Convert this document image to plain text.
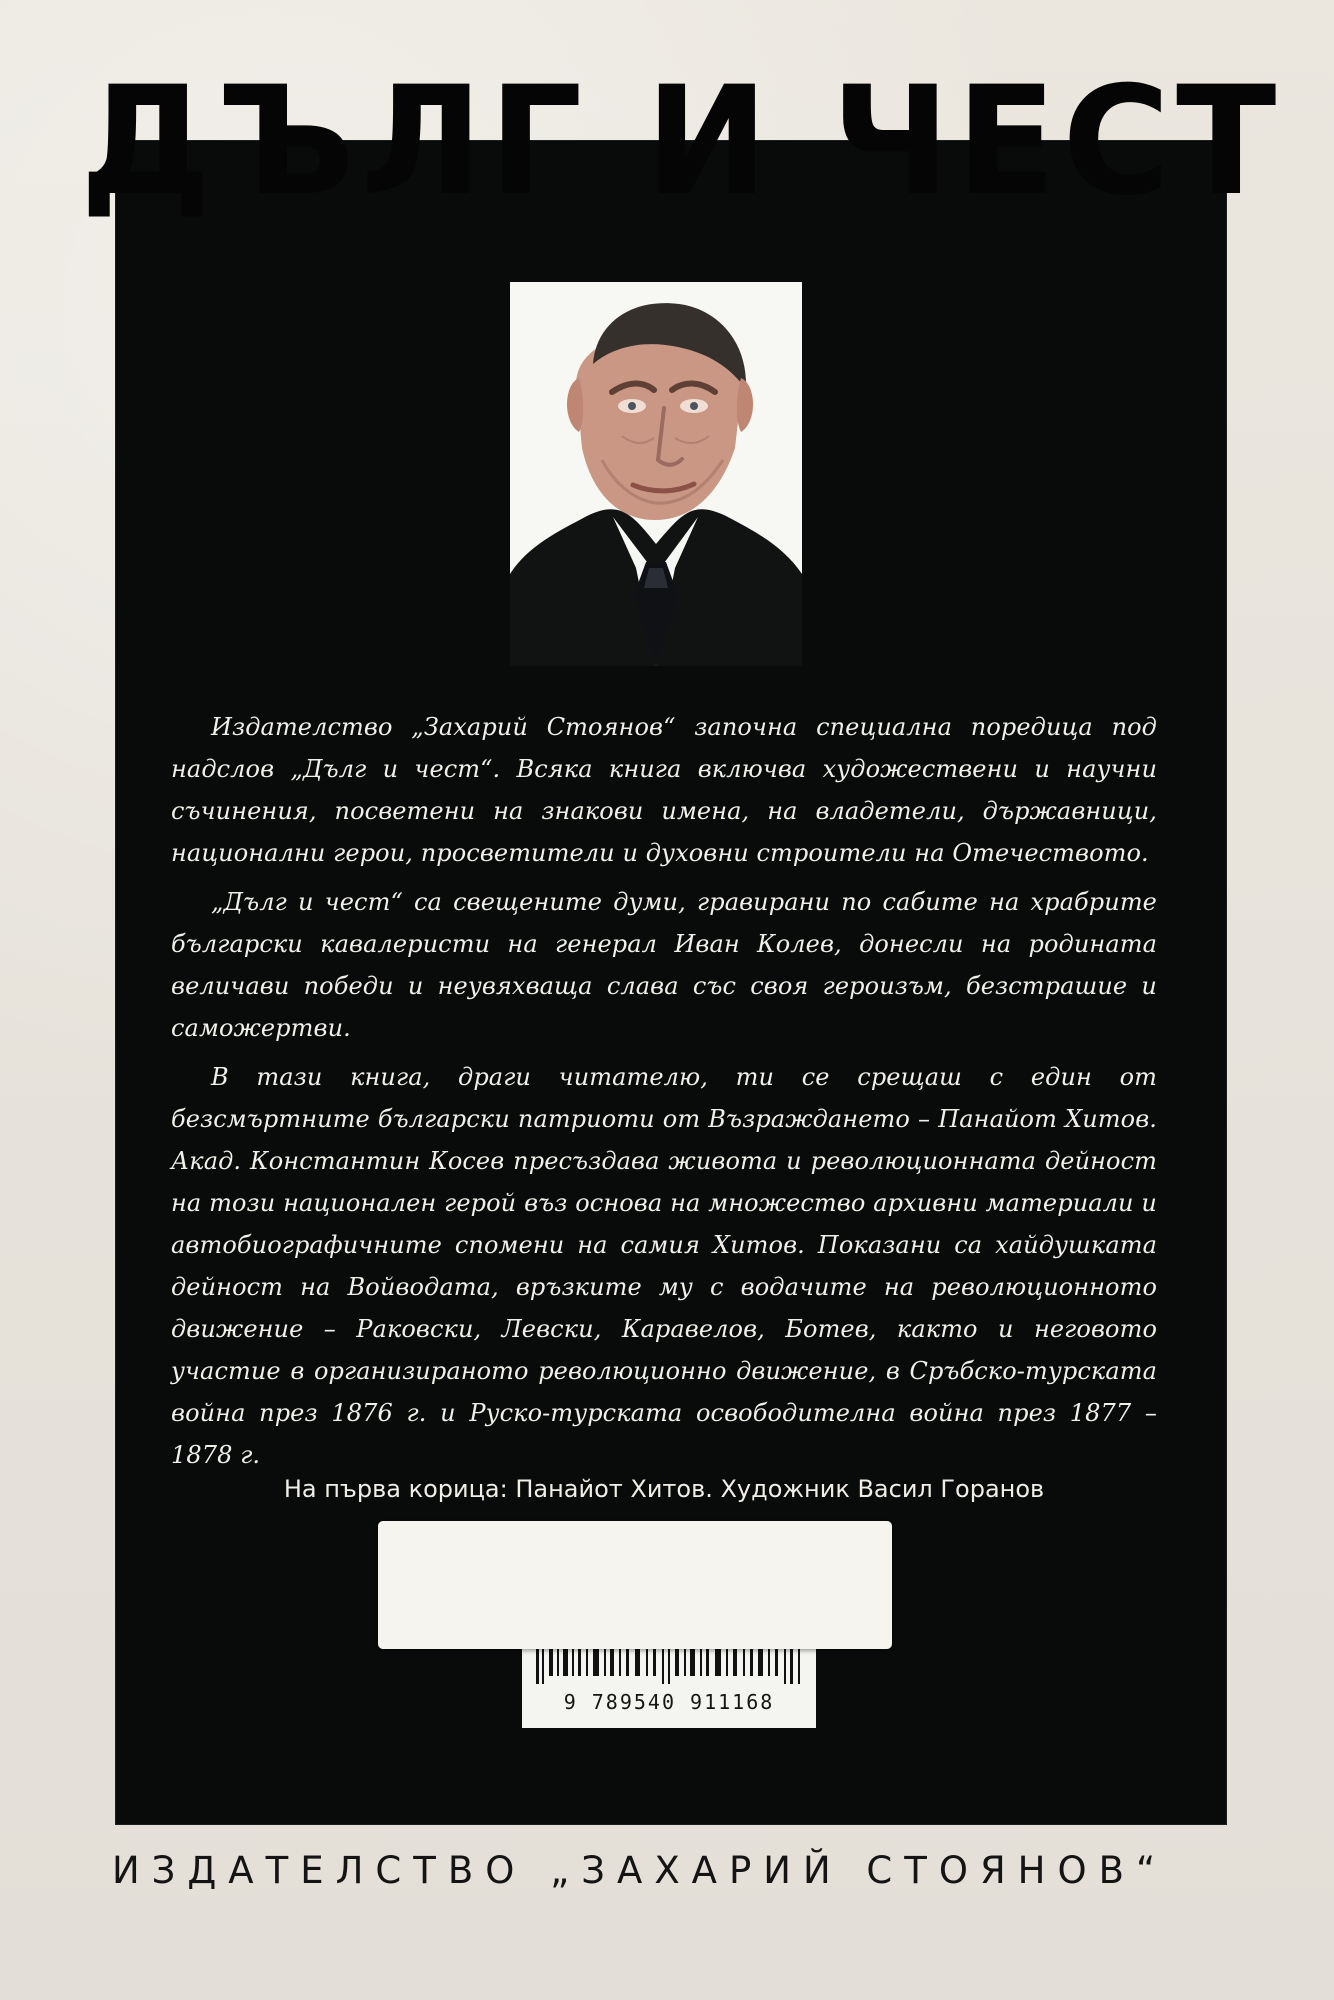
ДЪЛГ И ЧЕСТ

Издателство „Захарий Стоянов“ започна специална поредица под надслов „Дълг и чест“. Всяка книга включва художествени и научни съчинения, посветени на знакови имена, на владетели, държавници, национални герои, просветители и духовни строители на Отечеството.

„Дълг и чест“ са свещените думи, гравирани по сабите на храбрите български кавалеристи на генерал Иван Колев, донесли на родината величави победи и неувяхваща слава със своя героизъм, безстрашие и саможертви.

В тази книга, драги читателю, ти се срещаш с един от безсмъртните български патриоти от Възраждането – Панайот Хитов. Акад. Константин Косев пресъздава живота и революционната дейност на този национален герой въз основа на множество архивни материали и автобиографичните спомени на самия Хитов. Показани са хайдушката дейност на Войводата, връзките му с водачите на революционното движение – Раковски, Левски, Каравелов, Ботев, както и неговото участие в организираното революционно движение, в Сръбско-турската война през 1876 г. и Руско-турската освободителна война през 1877 – 1878 г.

На първа корица: Панайот Хитов. Художник Васил Горанов
9 789540 911168
ИЗДАТЕЛСТВО „ЗАХАРИЙ СТОЯНОВ“
